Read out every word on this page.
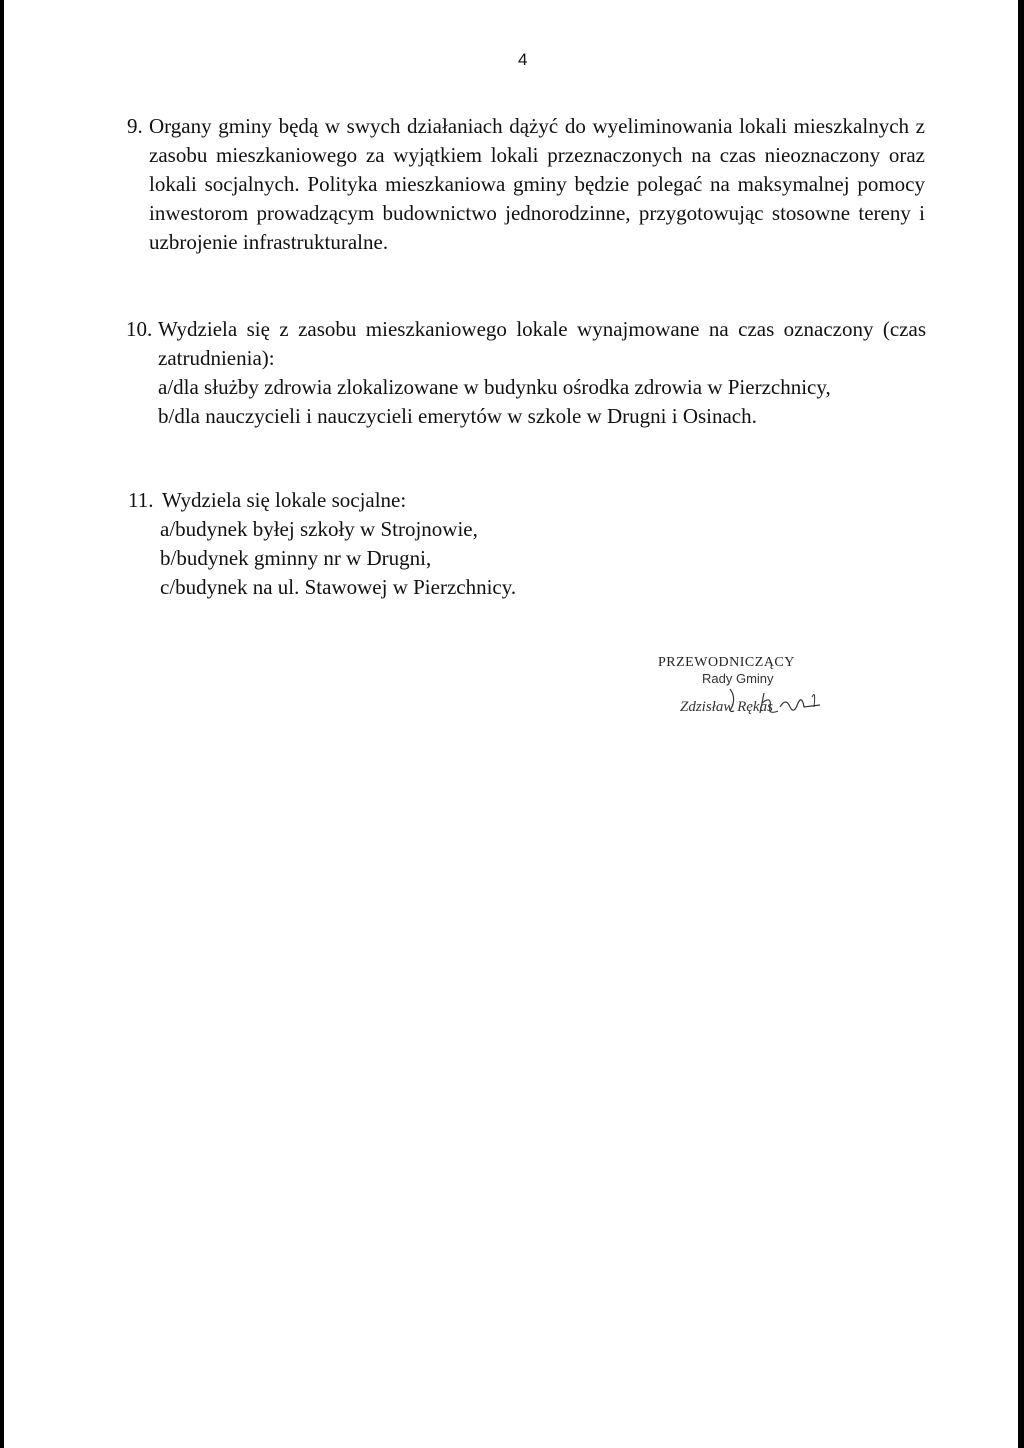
4
9. Organy gminy będą w swych działaniach dążyć do wyeliminowania lokali mieszkalnych z zasobu mieszkaniowego za wyjątkiem lokali przeznaczonych na czas nieoznaczony oraz lokali socjalnych. Polityka mieszkaniowa gminy będzie polegać na maksymalnej pomocy inwestorom prowadzącym budownictwo jednorodzinne, przygotowując stosowne tereny i uzbrojenie infrastrukturalne.
10. Wydziela się z zasobu mieszkaniowego lokale wynajmowane na czas oznaczony (czas zatrudnienia):
a/dla służby zdrowia zlokalizowane w budynku ośrodka zdrowia w Pierzchnicy,
b/dla nauczycieli i nauczycieli emerytów w szkole w Drugni i Osinach.
11. Wydziela się lokale socjalne:
a/budynek byłej szkoły w Strojnowie,
b/budynek gminny nr w Drugni,
c/budynek na ul. Stawowej w Pierzchnicy.
PRZEWODNICZĄCY
Rady Gminy
Zdzisław Rękas
